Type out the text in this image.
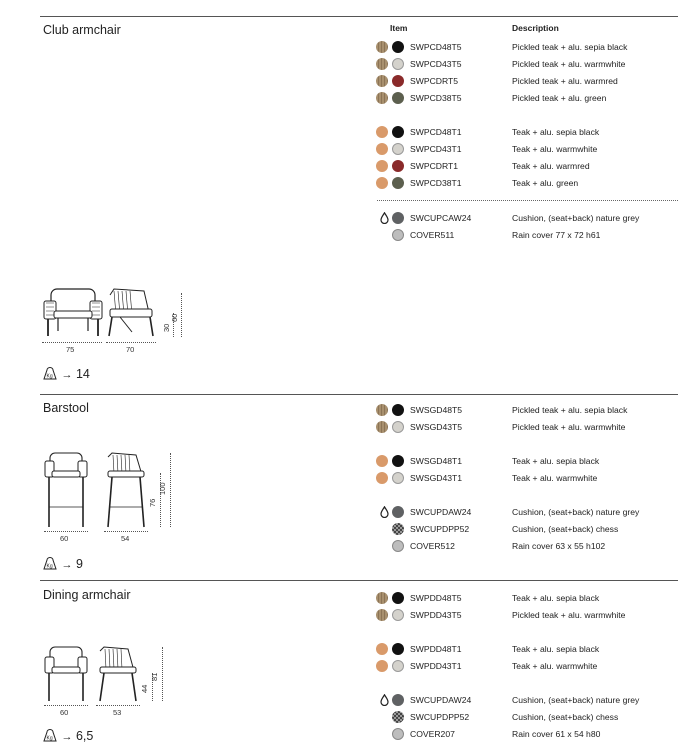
Club armchair	Item	Description
SWPCD48T5	Pickled teak + alu. sepia black
SWPCD43T5	Pickled teak + alu. warmwhite
SWPCDRT5	Pickled teak + alu. warmred
SWPCD38T5	Pickled teak + alu. green
SWPCD48T1	Teak + alu. sepia black
SWPCD43T1	Teak + alu. warmwhite
SWPCDRT1	Teak + alu. warmred
SWPCD38T1	Teak + alu. green
SWCUPCAW24	Cushion, (seat+back) nature grey
COVER511	Rain cover 77 x 72 h61
75	70
30
60
Kg → 14
Barstool	SWSGD48T5	Pickled teak + alu. sepia black
SWSGD43T5	Pickled teak + alu. warmwhite
SWSGD48T1	Teak + alu. sepia black
SWSGD43T1	Teak + alu. warmwhite
SWCUPDAW24	Cushion, (seat+back) nature grey
SWCUPDPP52	Cushion, (seat+back) chess
COVER512	Rain cover 63 x 55 h102
60	54
76
100
Kg → 9
Dining armchair	SWPDD48T5	Teak + alu. sepia black
SWPDD43T5	Pickled teak + alu. warmwhite
SWPDD48T1	Teak + alu. sepia black
SWPDD43T1	Teak + alu. warmwhite
SWCUPDAW24	Cushion, (seat+back) nature grey
SWCUPDPP52	Cushion, (seat+back) chess
COVER207	Rain cover 61 x 54 h80
60	53
44
81
Kg → 6,5
